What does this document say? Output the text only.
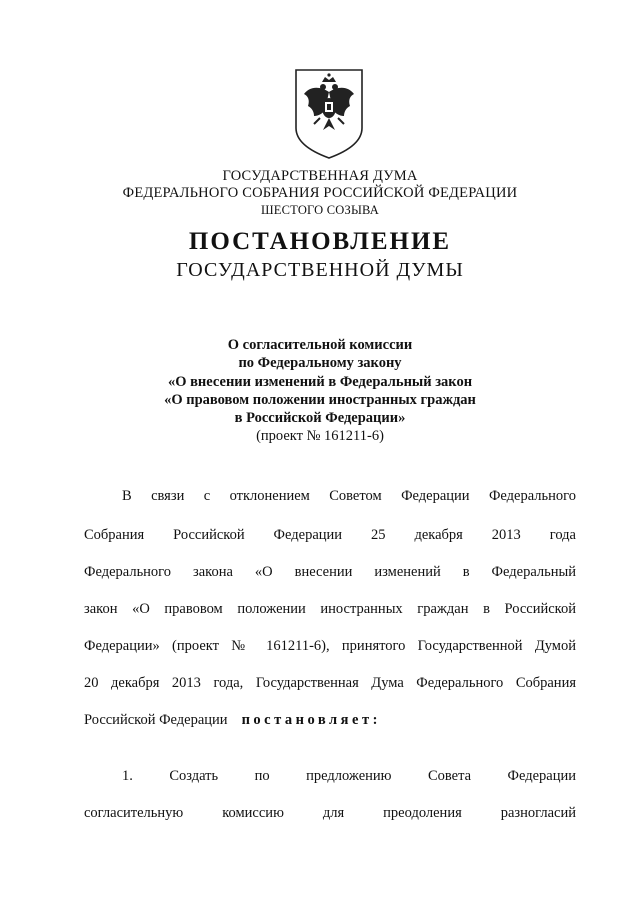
ГОСУДАРСТВЕННАЯ ДУМА
ФЕДЕРАЛЬНОГО СОБРАНИЯ РОССИЙСКОЙ ФЕДЕРАЦИИ
ШЕСТОГО СОЗЫВА
ПОСТАНОВЛЕНИЕ
ГОСУДАРСТВЕННОЙ ДУМЫ
О согласительной комиссии
по Федеральному закону
«О внесении изменений в Федеральный закон
«О правовом положении иностранных граждан
в Российской Федерации»
(проект № 161211-6)
В связи с отклонением Советом Федерации Федерального
Собрания Российской Федерации 25 декабря 2013 года
Федерального закона «О внесении изменений в Федеральный
закон «О правовом положении иностранных граждан в Российской
Федерации» (проект № 161211-6), принятого Государственной Думой
20 декабря 2013 года, Государственная Дума Федерального Собрания
Российской Федерации постановляет:
1. Создать по предложению Совета Федерации
согласительную комиссию для преодоления разногласий
